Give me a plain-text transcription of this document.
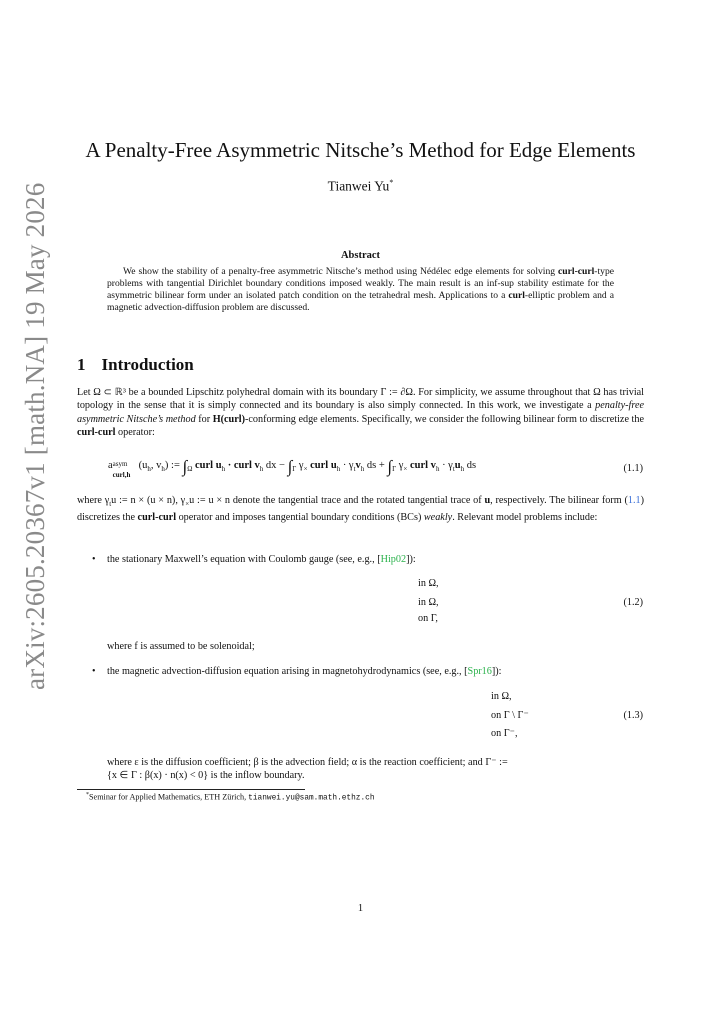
arXiv:2605.20367v1 [math.NA] 19 May 2026
A Penalty-Free Asymmetric Nitsche’s Method for Edge Elements
Tianwei Yu*
Abstract
We show the stability of a penalty-free asymmetric Nitsche’s method using Nédélec edge elements for solving curl-curl-type problems with tangential Dirichlet boundary conditions imposed weakly. The main result is an inf-sup stability estimate for the asymmetric bilinear form under an isolated patch condition on the tetrahedral mesh. Applications to a curl-elliptic problem and a magnetic advection-diffusion problem are discussed.
1 Introduction
Let Ω ⊂ ℝ³ be a bounded Lipschitz polyhedral domain with its boundary Γ := ∂Ω. For simplicity, we assume throughout that Ω has trivial topology in the sense that it is simply connected and its boundary is also simply connected. In this work, we investigate a penalty-free asymmetric Nitsche’s method for H(curl)-conforming edge elements. Specifically, we consider the following bilinear form to discretize the curl-curl operator:
a asym
curl,h
($u_h$, $v_h$) := $\int_\Omega$ curl $u_h$ · curl $v_h$ dx − $\int_\Gamma$ $\gamma_\times$ curl $u_h \cdot \gamma_tv_h$ ds + $\int_\Gamma$ $\gamma_\times$ curl $v_h \cdot \gamma_tu_h$ ds	(1.1)
where $\gamma_tu$ := n × (u × n), $\gamma_\times u$ := u × n denote the tangential trace and the rotated tangential trace of u, respectively. The bilinear form (1.1) discretizes the curl-curl operator and imposes tangential boundary conditions (BCs) weakly. Relevant model problems include:
• the stationary Maxwell’s equation with Coulomb gauge (see, e.g., [Hip02]):
in Ω,
in Ω,
on Γ,
(1.2)
where f is assumed to be solenoidal;
• the magnetic advection-diffusion equation arising in magnetohydrodynamics (see, e.g., [Spr16]):
in Ω,
on Γ \ Γ⁻
on Γ⁻,
(1.3)
where ε is the diffusion coefficient; β is the advection field; α is the reaction coefficient; and Γ⁻ :=
{x ∈ Γ : β(x) · n(x) < 0} is the inflow boundary.
*Seminar for Applied Mathematics, ETH Zürich, tianwei.yu@sam.math.ethz.ch
1
